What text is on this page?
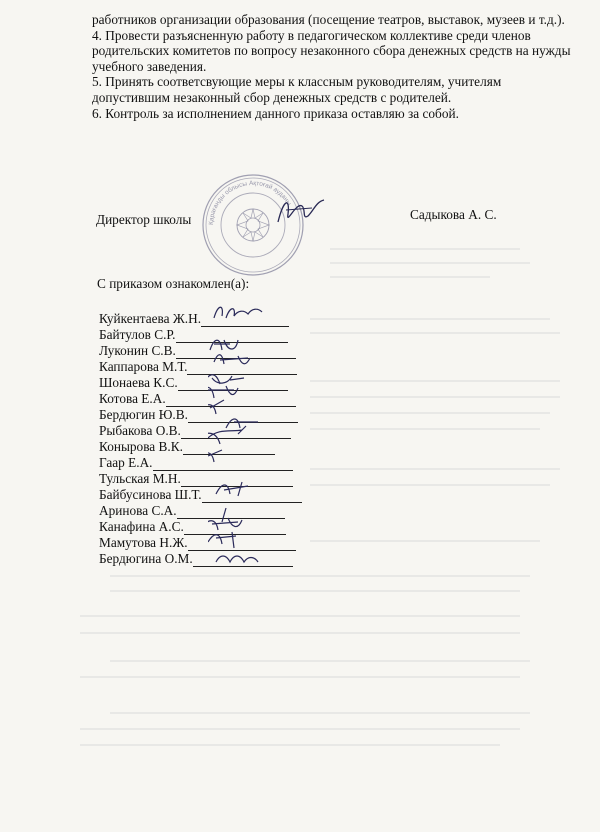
работников организации образования (посещение театров, выставок, музеев и т.д.).

4. Провести разъясненную работу в педагогическом коллективе среди членов родительских комитетов по вопросу незаконного сбора денежных средств на нужды учебного заведения.

5. Принять соответсвующие меры к классным руководителям, учителям допустившим незаконный сбор денежных средств с родителей.

6. Контроль за исполнением данного приказа оставляю за собой.

Қарағанды облысы Ақтоғай ауданы
Директор школы	Садыкова А. С.
С приказом ознакомлен(а):
Куйкентаева Ж.Н.
Байтулов С.Р.
Луконин С.В.
Каппарова М.Т.
Шонаева К.С.
Котова Е.А.
Бердюгин Ю.В.
Рыбакова О.В.
Конырова В.К.
Гаар Е.А.
Тульская М.Н.
Байбусинова Ш.Т.
Аринова С.А.
Канафина А.С.
Мамутова Н.Ж.
Бердюгина О.М.
